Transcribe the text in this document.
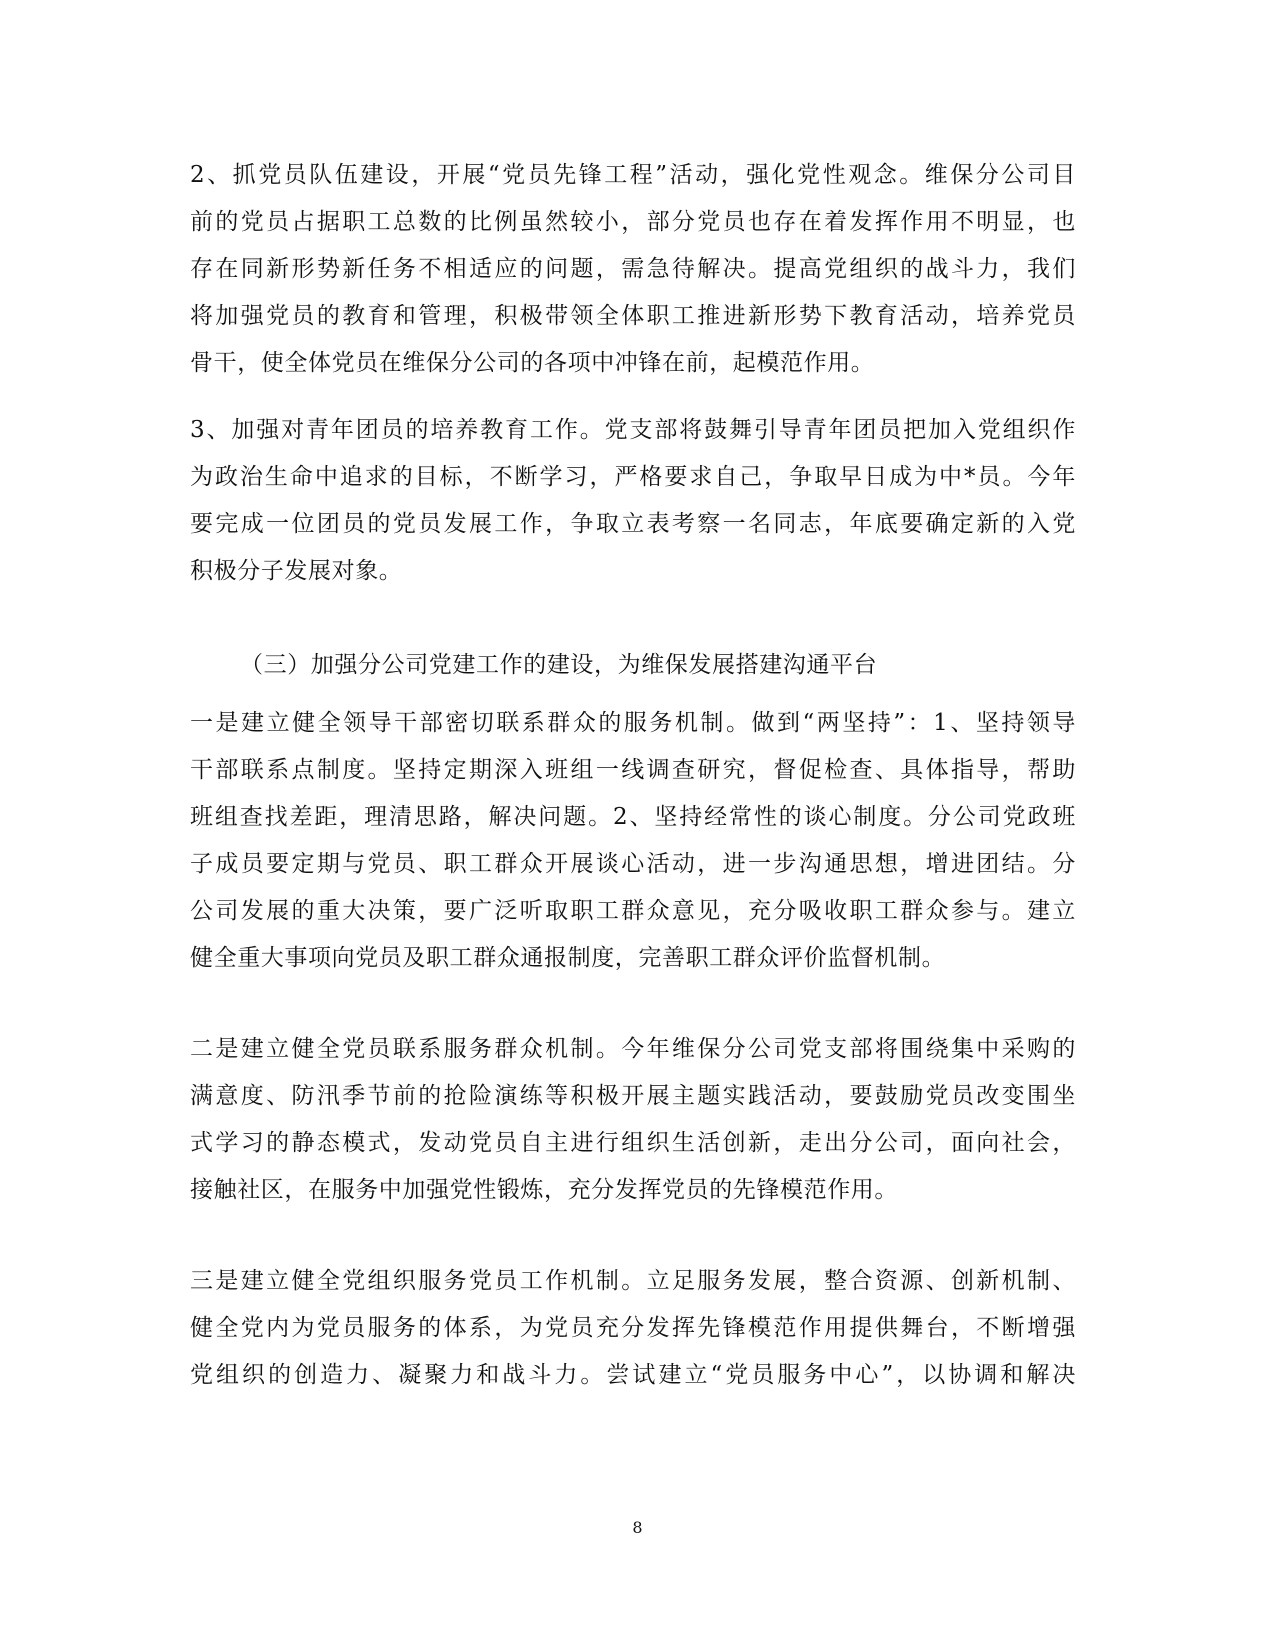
2、抓党员队伍建设，开展“党员先锋工程”活动，强化党性观念。维保分公司目
前的党员占据职工总数的比例虽然较小，部分党员也存在着发挥作用不明显，也
存在同新形势新任务不相适应的问题，需急待解决。提高党组织的战斗力，我们
将加强党员的教育和管理，积极带领全体职工推进新形势下教育活动，培养党员
骨干，使全体党员在维保分公司的各项中冲锋在前，起模范作用。

3、加强对青年团员的培养教育工作。党支部将鼓舞引导青年团员把加入党组织作
为政治生命中追求的目标，不断学习，严格要求自己，争取早日成为中*员。今年
要完成一位团员的党员发展工作，争取立表考察一名同志，年底要确定新的入党
积极分子发展对象。

（三）加强分公司党建工作的建设，为维保发展搭建沟通平台

一是建立健全领导干部密切联系群众的服务机制。做到“两坚持”：1、坚持领导
干部联系点制度。坚持定期深入班组一线调查研究，督促检查、具体指导，帮助
班组查找差距，理清思路，解决问题。2、坚持经常性的谈心制度。分公司党政班
子成员要定期与党员、职工群众开展谈心活动，进一步沟通思想，增进团结。分
公司发展的重大决策，要广泛听取职工群众意见，充分吸收职工群众参与。建立
健全重大事项向党员及职工群众通报制度，完善职工群众评价监督机制。

二是建立健全党员联系服务群众机制。今年维保分公司党支部将围绕集中采购的
满意度、防汛季节前的抢险演练等积极开展主题实践活动，要鼓励党员改变围坐
式学习的静态模式，发动党员自主进行组织生活创新，走出分公司，面向社会，
接触社区，在服务中加强党性锻炼，充分发挥党员的先锋模范作用。

三是建立健全党组织服务党员工作机制。立足服务发展，整合资源、创新机制、
健全党内为党员服务的体系，为党员充分发挥先锋模范作用提供舞台，不断增强
党组织的创造力、凝聚力和战斗力。尝试建立“党员服务中心”，以协调和解决

8
